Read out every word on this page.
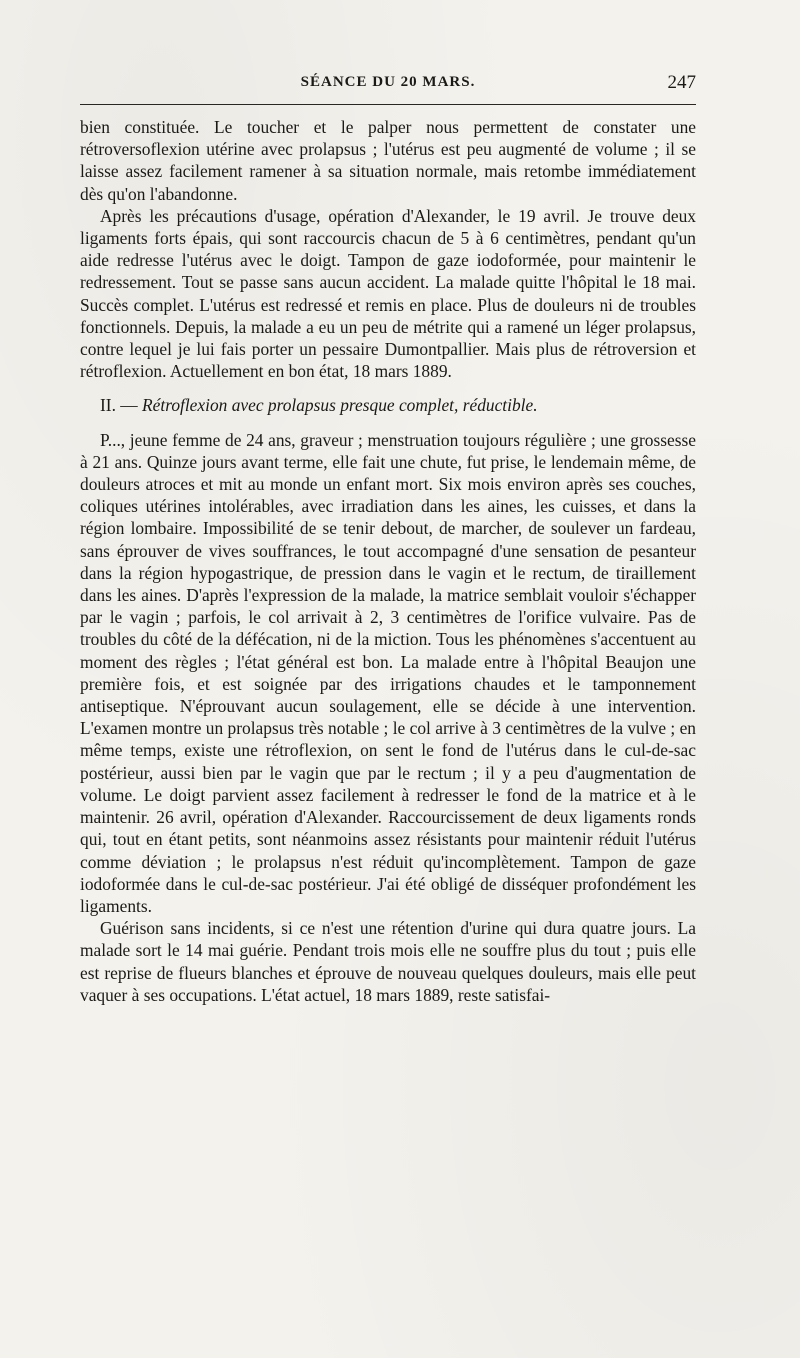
SÉANCE DU 20 MARS.	247

bien constituée. Le toucher et le palper nous permettent de constater une rétroversoflexion utérine avec prolapsus ; l'utérus est peu augmenté de volume ; il se laisse assez facilement ramener à sa situation normale, mais retombe immédiatement dès qu'on l'abandonne.

Après les précautions d'usage, opération d'Alexander, le 19 avril. Je trouve deux ligaments forts épais, qui sont raccourcis chacun de 5 à 6 centimètres, pendant qu'un aide redresse l'utérus avec le doigt. Tampon de gaze iodoformée, pour maintenir le redressement. Tout se passe sans aucun accident. La malade quitte l'hôpital le 18 mai. Succès complet. L'utérus est redressé et remis en place. Plus de douleurs ni de troubles fonctionnels. Depuis, la malade a eu un peu de métrite qui a ramené un léger prolapsus, contre lequel je lui fais porter un pessaire Dumontpallier. Mais plus de rétroversion et rétroflexion. Actuellement en bon état, 18 mars 1889.

II. — Rétroflexion avec prolapsus presque complet, réductible.

P..., jeune femme de 24 ans, graveur ; menstruation toujours régulière ; une grossesse à 21 ans. Quinze jours avant terme, elle fait une chute, fut prise, le lendemain même, de douleurs atroces et mit au monde un enfant mort. Six mois environ après ses couches, coliques utérines intolérables, avec irradiation dans les aines, les cuisses, et dans la région lombaire. Impossibilité de se tenir debout, de marcher, de soulever un fardeau, sans éprouver de vives souffrances, le tout accompagné d'une sensation de pesanteur dans la région hypogastrique, de pression dans le vagin et le rectum, de tiraillement dans les aines. D'après l'expression de la malade, la matrice semblait vouloir s'échapper par le vagin ; parfois, le col arrivait à 2, 3 centimètres de l'orifice vulvaire. Pas de troubles du côté de la défécation, ni de la miction. Tous les phénomènes s'accentuent au moment des règles ; l'état général est bon. La malade entre à l'hôpital Beaujon une première fois, et est soignée par des irrigations chaudes et le tamponnement antiseptique. N'éprouvant aucun soulagement, elle se décide à une intervention. L'examen montre un prolapsus très notable ; le col arrive à 3 centimètres de la vulve ; en même temps, existe une rétroflexion, on sent le fond de l'utérus dans le cul-de-sac postérieur, aussi bien par le vagin que par le rectum ; il y a peu d'augmentation de volume. Le doigt parvient assez facilement à redresser le fond de la matrice et à le maintenir. 26 avril, opération d'Alexander. Raccourcissement de deux ligaments ronds qui, tout en étant petits, sont néanmoins assez résistants pour maintenir réduit l'utérus comme déviation ; le prolapsus n'est réduit qu'incomplètement. Tampon de gaze iodoformée dans le cul-de-sac postérieur. J'ai été obligé de disséquer profondément les ligaments.

Guérison sans incidents, si ce n'est une rétention d'urine qui dura quatre jours. La malade sort le 14 mai guérie. Pendant trois mois elle ne souffre plus du tout ; puis elle est reprise de flueurs blanches et éprouve de nouveau quelques douleurs, mais elle peut vaquer à ses occupations. L'état actuel, 18 mars 1889, reste satisfai-
